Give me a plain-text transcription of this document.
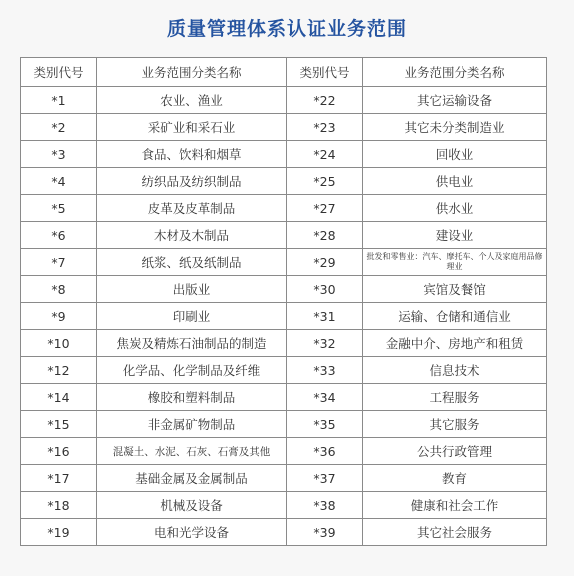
质量管理体系认证业务范围
类别代号	业务范围分类名称	类别代号	业务范围分类名称
*1	农业、渔业	*22	其它运输设备
*2	采矿业和采石业	*23	其它未分类制造业
*3	食品、饮料和烟草	*24	回收业
*4	纺织品及纺织制品	*25	供电业
*5	皮革及皮革制品	*27	供水业
*6	木材及木制品	*28	建设业
*7	纸浆、纸及纸制品	*29	批发和零售业：汽车、摩托车、个人及家庭用品修理业
*8	出版业	*30	宾馆及餐馆
*9	印刷业	*31	运输、仓储和通信业
*10	焦炭及精炼石油制品的制造	*32	金融中介、房地产和租赁
*12	化学品、化学制品及纤维	*33	信息技术
*14	橡胶和塑料制品	*34	工程服务
*15	非金属矿物制品	*35	其它服务
*16	混凝土、水泥、石灰、石膏及其他	*36	公共行政管理
*17	基础金属及金属制品	*37	教育
*18	机械及设备	*38	健康和社会工作
*19	电和光学设备	*39	其它社会服务
